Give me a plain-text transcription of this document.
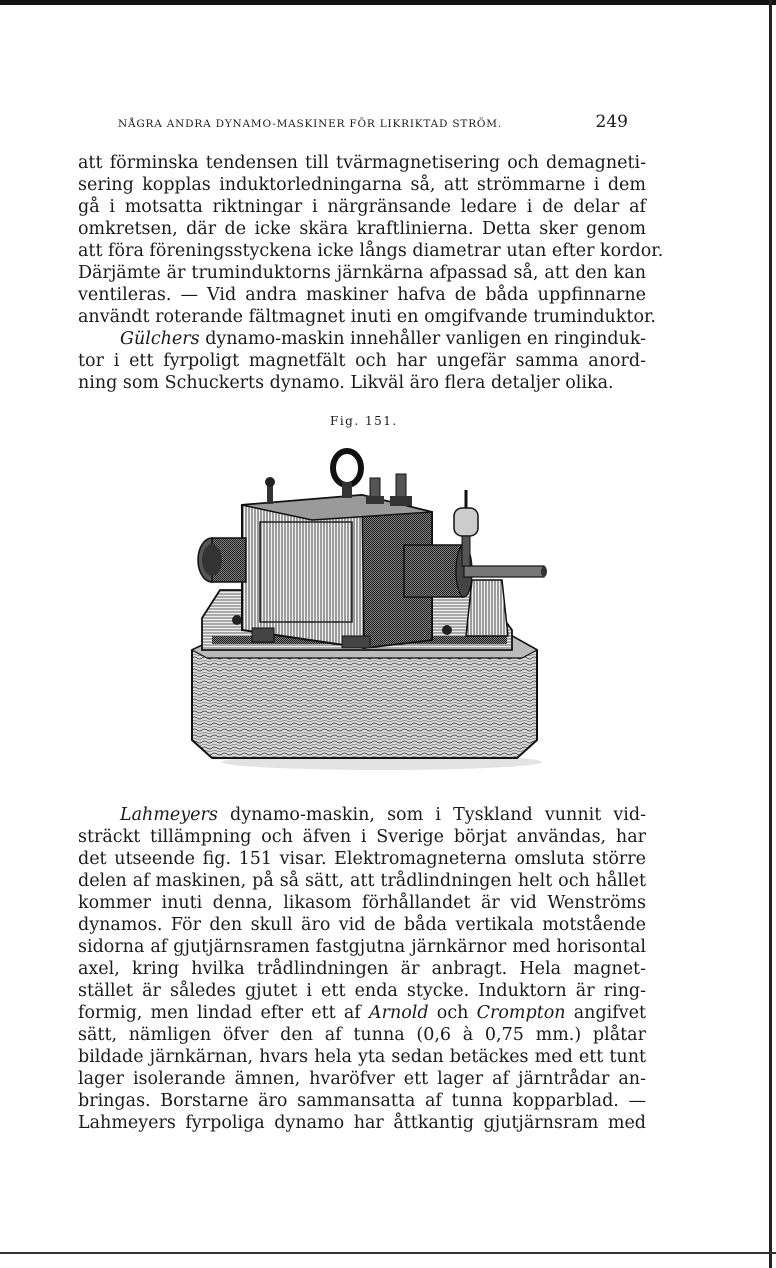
NÅGRA ANDRA DYNAMO-MASKINER FÖR LIKRIKTAD STRÖM.	249

att förminska tendensen till tvärmagnetisering och demagneti-
sering kopplas induktorledningarna så, att strömmarne i dem
gå i motsatta riktningar i närgränsande ledare i de delar af
omkretsen, där de icke skära kraftlinierna. Detta sker genom
att föra föreningsstyckena icke långs diametrar utan efter kordor.
Därjämte är truminduktorns järnkärna afpassad så, att den kan
ventileras. — Vid andra maskiner hafva de båda uppfinnarne
användt roterande fältmagnet inuti en omgifvande truminduktor.

Gülchers dynamo-maskin innehåller vanligen en ringinduk-
tor i ett fyrpoligt magnetfält och har ungefär samma anord-
ning som Schuckerts dynamo. Likväl äro flera detaljer olika.

Fig. 151.

Lahmeyers dynamo-maskin, som i Tyskland vunnit vid-
sträckt tillämpning och äfven i Sverige börjat användas, har
det utseende fig. 151 visar. Elektromagneterna omsluta större
delen af maskinen, på så sätt, att trådlindningen helt och hållet
kommer inuti denna, likasom förhållandet är vid Wenströms
dynamos. För den skull äro vid de båda vertikala motstående
sidorna af gjutjärnsramen fastgjutna järnkärnor med horisontal
axel, kring hvilka trådlindningen är anbragt. Hela magnet-
stället är således gjutet i ett enda stycke. Induktorn är ring-
formig, men lindad efter ett af Arnold och Crompton angifvet
sätt, nämligen öfver den af tunna (0,6 à 0,75 mm.) plåtar
bildade järnkärnan, hvars hela yta sedan betäckes med ett tunt
lager isolerande ämnen, hvaröfver ett lager af järntrådar an-
bringas. Borstarne äro sammansatta af tunna kopparblad. —
Lahmeyers fyrpoliga dynamo har åttkantig gjutjärnsram med
